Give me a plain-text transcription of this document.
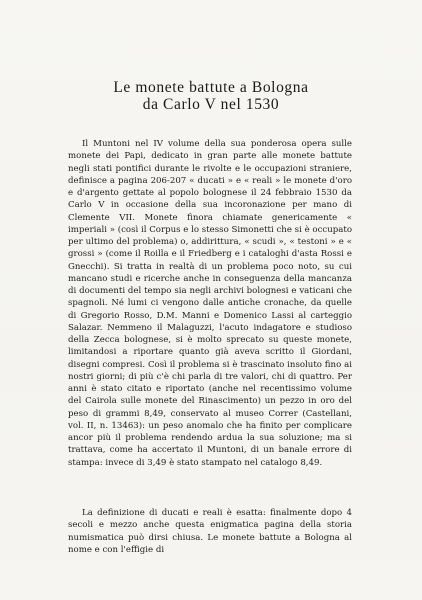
Le monete battute a Bologna
da Carlo V nel 1530

Il Muntoni nel IV volume della sua ponderosa opera sulle monete dei Papi, dedicato in gran parte alle monete battute negli stati pontifici durante le rivolte e le occupazioni straniere, definisce a pagina 206-207 « ducati » e « reali » le monete d'oro e d'argento gettate al popolo bolognese il 24 febbraio 1530 da Carlo V in occasione della sua incoronazione per mano di Clemente VII. Monete finora chiamate genericamente « imperiali » (così il Corpus e lo stesso Simonetti che si è occupato per ultimo del problema) o, addirittura, « scudi », « testoni » e « grossi » (come il Roilla e il Friedberg e i cataloghi d'asta Rossi e Gnecchi). Si tratta in realtà di un problema poco noto, su cui mancano studi e ricerche anche in conseguenza della mancanza di documenti del tempo sia negli archivi bolognesi e vaticani che spagnoli. Né lumi ci vengono dalle antiche cronache, da quelle di Gregorio Rosso, D.M. Manni e Domenico Lassi al carteggio Salazar. Nemmeno il Malaguzzi, l'acuto indagatore e studioso della Zecca bolognese, si è molto sprecato su queste monete, limitandosi a riportare quanto già aveva scritto il Giordani, disegni compresi. Così il problema si è trascinato insoluto fino ai nostri giorni; di più c'è chi parla di tre valori, chi di quattro. Per anni è stato citato e riportato (anche nel recentissimo volume del Cairola sulle monete del Rinascimento) un pezzo in oro del peso di grammi 8,49, conservato al museo Correr (Castellani, vol. II, n. 13463): un peso anomalo che ha finito per complicare ancor più il problema rendendo ardua la sua soluzione; ma si trattava, come ha accertato il Muntoni, di un banale errore di stampa: invece di 3,49 è stato stampato nel catalogo 8,49.

La definizione di ducati e reali è esatta: finalmente dopo 4 secoli e mezzo anche questa enigmatica pagina della storia numismatica può dirsi chiusa. Le monete battute a Bologna al nome e con l'effigie di
